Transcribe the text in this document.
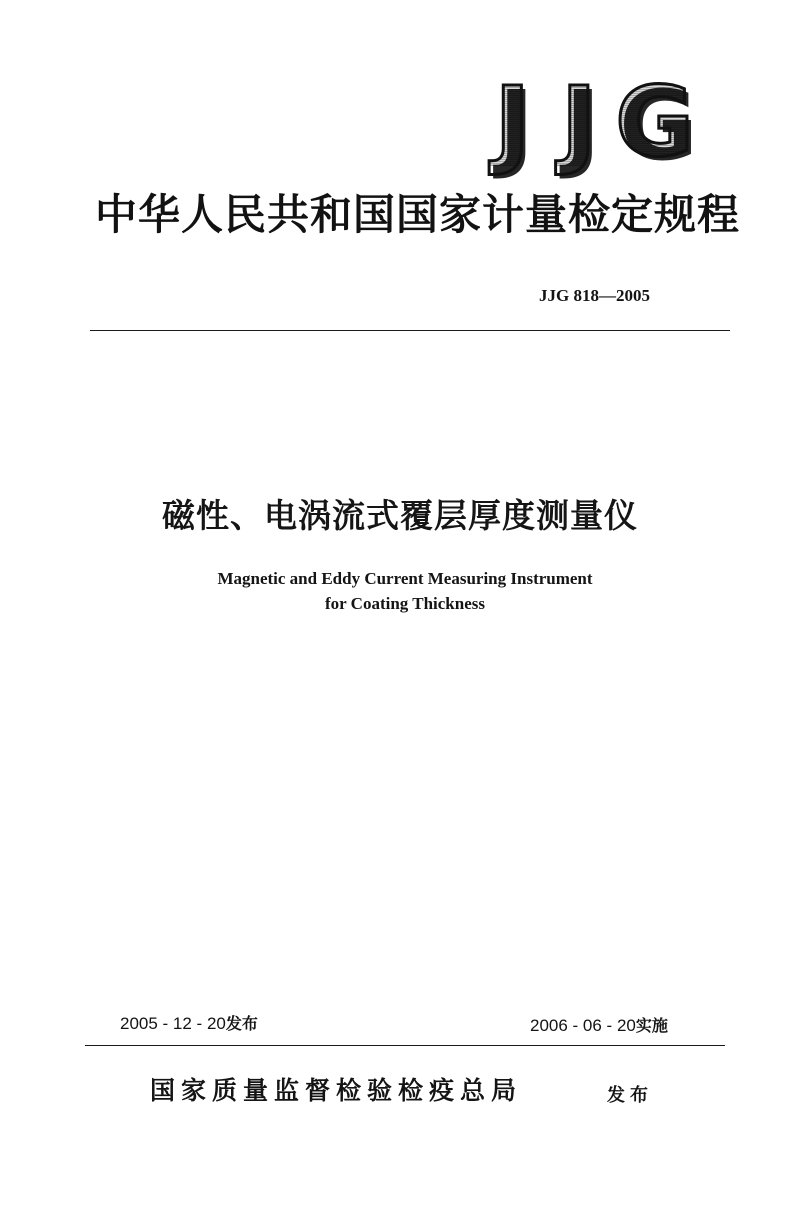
J J G
中华人民共和国国家计量检定规程
JJG 818—2005
磁性、电涡流式覆层厚度测量仪
Magnetic and Eddy Current Measuring Instrument
for Coating Thickness
2005 - 12 - 20发布	2006 - 06 - 20实施
国家质量监督检验检疫总局	发布
